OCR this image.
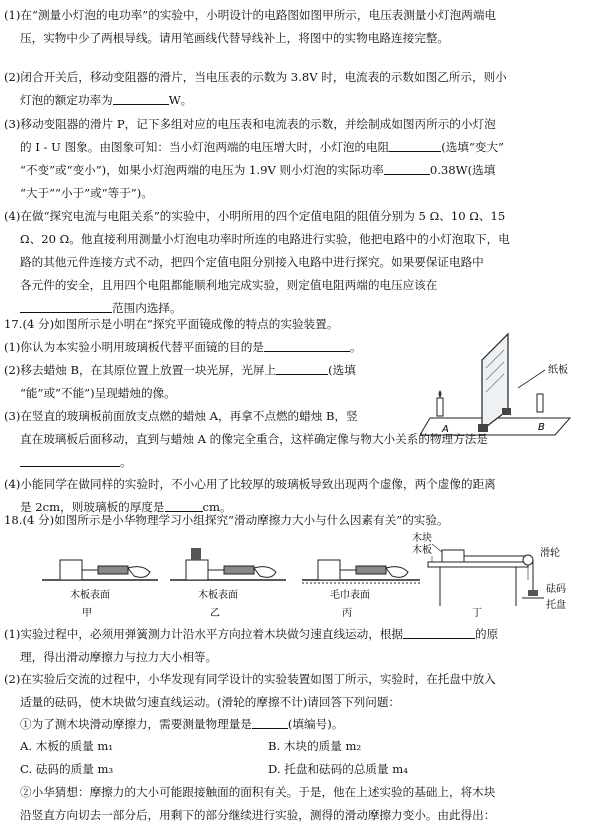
(1)在“测量小灯泡的电功率”的实验中，小明设计的电路图如图甲所示，电压表测量小灯泡两端电
压，实物中少了两根导线。请用笔画线代替导线补上，将图中的实物电路连接完整。
(2)闭合开关后，移动变阻器的滑片，当电压表的示数为 3.8V 时，电流表的示数如图乙所示，则小
灯泡的额定功率为	W。
(3)移动变阻器的滑片 P，记下多组对应的电压表和电流表的示数，并绘制成如图丙所示的小灯泡
的 I - U 图象。由图象可知：当小灯泡两端的电压增大时，小灯泡的电阻	(选填“变大”
“不变”或“变小”)，如果小灯泡两端的电压为 1.9V 则小灯泡的实际功率	0.38W(选填
“大于”“小于”或“等于”)。
(4)在做“探究电流与电阻关系”的实验中，小明所用的四个定值电阻的阻值分别为 5 Ω、10 Ω、15
Ω、20 Ω。他直接利用测量小灯泡电功率时所连的电路进行实验，他把电路中的小灯泡取下，电
路的其他元件连接方式不动，把四个定值电阻分别接入电路中进行探究。如果要保证电路中
各元件的安全，且用四个电阻都能顺利地完成实验，则定值电阻两端的电压应该在
范围内选择。
17.(4 分)如图所示是小明在“探究平面镜成像的特点的实验装置。
(1)你认为本实验小明用玻璃板代替平面镜的目的是	。
(2)移去蜡烛 B，在其原位置上放置一块光屏，光屏上	(选填
“能”或“不能”)呈现蜡烛的像。
(3)在竖直的玻璃板前面放支点燃的蜡烛 A，再拿不点燃的蜡烛 B，竖
直在玻璃板后面移动，直到与蜡烛 A 的像完全重合，这样确定像与物大小关系的物理方法是
。
(4)小能同学在做同样的实验时，不小心用了比较厚的玻璃板导致出现两个虚像，两个虚像的距离
是 2cm，则玻璃板的厚度是	cm。
纸板
A	B
18.(4 分)如图所示是小华物理学习小组探究“滑动摩擦力大小与什么因素有关”的实验。
木板表面
甲
木板表面
乙
毛巾表面
丙
木块
木板	滑轮
砝码
托盘
丁
(1)实验过程中，必须用弹簧测力计沿水平方向拉着木块做匀速直线运动，根据	的原
理，得出滑动摩擦力与拉力大小相等。
(2)在实验后交流的过程中，小华发现有同学设计的实验装置如图丁所示，实验时，在托盘中放入
适量的砝码，使木块做匀速直线运动。(滑轮的摩擦不计)请回答下列问题：
①为了测木块滑动摩擦力，需要测量物理量是	(填编号)。
A. 木板的质量 m₁	B. 木块的质量 m₂
C. 砝码的质量 m₃	D. 托盘和砝码的总质量 m₄
②小华猜想：摩擦力的大小可能跟接触面的面积有关。于是，他在上述实验的基础上，将木块
沿竖直方向切去一部分后，用剩下的部分继续进行实验，测得的滑动摩擦力变小。由此得出：
